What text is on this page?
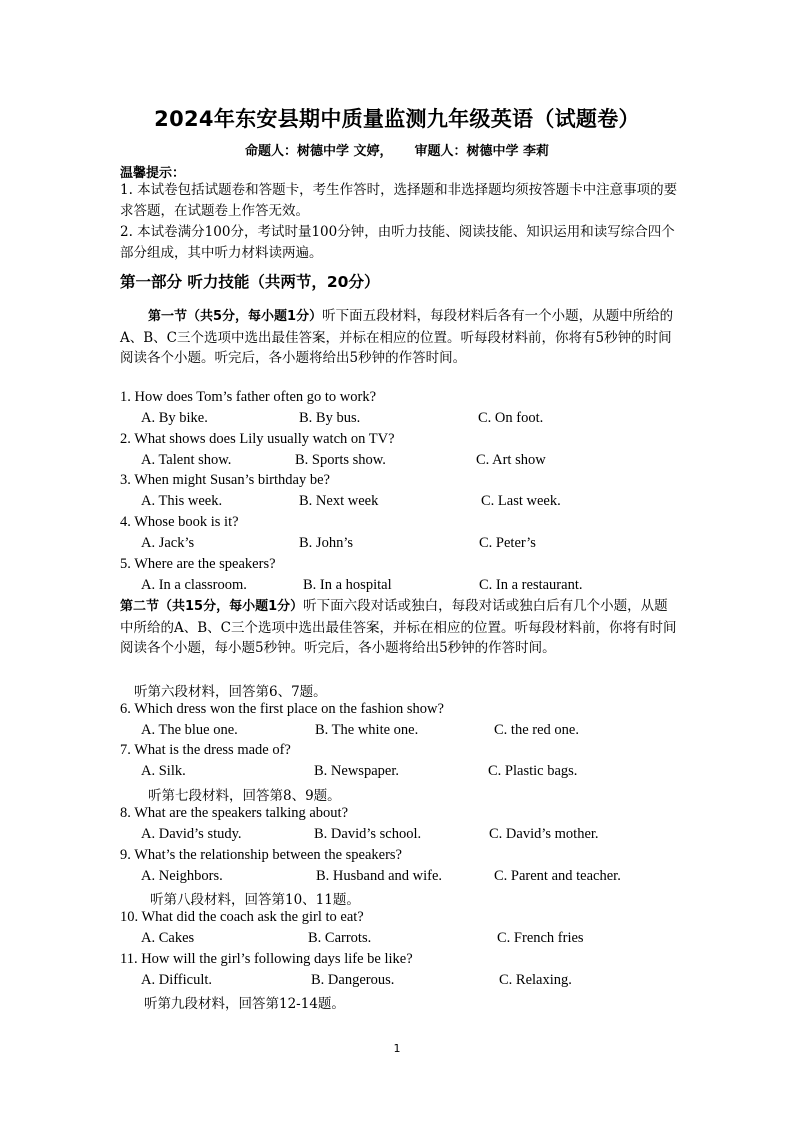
2024年东安县期中质量监测九年级英语（试题卷）
命题人：树德中学 文婷， 审题人：树德中学 李莉
温馨提示：
1. 本试卷包括试题卷和答题卡，考生作答时，选择题和非选择题均须按答题卡中注意事项的要求答题，在试题卷上作答无效。
2. 本试卷满分100分，考试时量100分钟，由听力技能、阅读技能、知识运用和读写综合四个部分组成，其中听力材料读两遍。
第一部分 听力技能（共两节，20分）
第一节（共5分，每小题1分）听下面五段材料，每段材料后各有一个小题，从题中所给的A、B、C三个选项中选出最佳答案，并标在相应的位置。听每段材料前，你将有5秒钟的时间阅读各个小题。听完后，各小题将给出5秒钟的作答时间。
1. How does Tom’s father often go to work?
A. By bike.	B. By bus.	C. On foot.
2. What shows does Lily usually watch on TV?
A. Talent show.	B. Sports show.	C. Art show
3. When might Susan’s birthday be?
A. This week.	B. Next week	C. Last week.
4. Whose book is it?
A. Jack’s	B. John’s	C. Peter’s
5. Where are the speakers?
A. In a classroom.	B. In a hospital	C. In a restaurant.
第二节（共15分，每小题1分）听下面六段对话或独白，每段对话或独白后有几个小题，从题中所给的A、B、C三个选项中选出最佳答案，并标在相应的位置。听每段材料前，你将有时间阅读各个小题，每小题5秒钟。听完后，各小题将给出5秒钟的作答时间。
听第六段材料，回答第6、7题。
6. Which dress won the first place on the fashion show?
A. The blue one.	B. The white one.	C. the red one.
7. What is the dress made of?
A. Silk.	B. Newspaper.	C. Plastic bags.
听第七段材料，回答第8、9题。
8. What are the speakers talking about?
A. David’s study.	B. David’s school.	C. David’s mother.
9. What’s the relationship between the speakers?
A. Neighbors.	B. Husband and wife.	C. Parent and teacher.
听第八段材料，回答第10、11题。
10. What did the coach ask the girl to eat?
A. Cakes	B. Carrots.	C. French fries
11. How will the girl’s following days life be like?
A. Difficult.	B. Dangerous.	C. Relaxing.
听第九段材料，回答第12-14题。
1
